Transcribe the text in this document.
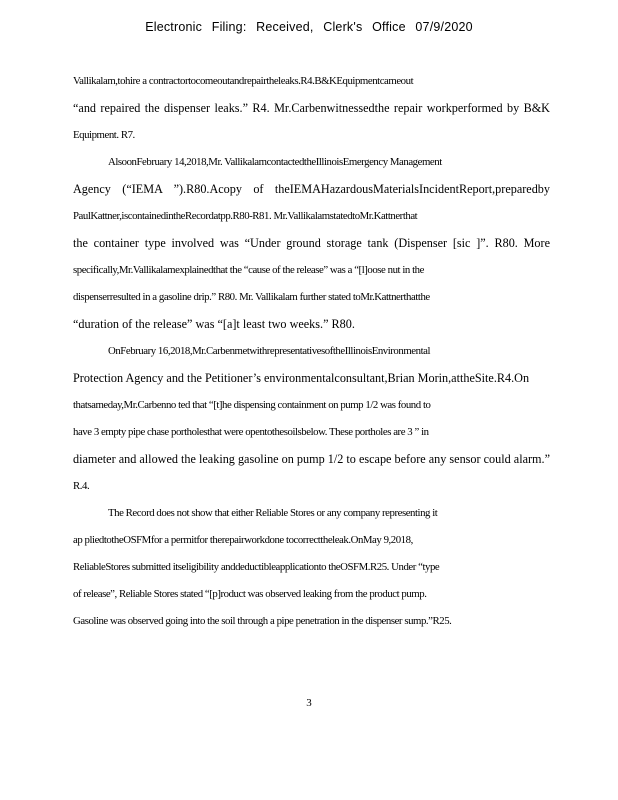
Electronic Filing: Received, Clerk's Office 07/9/2020
Vallikalam,tohire a contractortocomeoutandrepairtheleaks.R4.B&KEquipmentcameout
“and repaired the dispenser leaks.” R4. Mr.Carbenwitnessedthe repair workperformed by B&K
Equipment. R7.
AlsoonFebruary 14,2018,Mr. VallikalamcontactedtheIllinoisEmergency Management
Agency (“IEMA ”).R80.Acopy of theIEMAHazardousMaterialsIncidentReport,preparedby
PaulKattner,iscontainedintheRecordatpp.R80-R81. Mr.VallikalamstatedtoMr.Kattnerthat
the container type involved was “Under ground storage tank (Dispenser [sic ]”. R80. More
specifically,Mr.Vallikalamexplainedthat the “cause of the release” was a “[l]oose nut in the
dispenserresulted in a gasoline drip.” R80. Mr. Vallikalam further stated toMr.Kattnerthatthe
“duration of the release” was “[a]t least two weeks.” R80.
OnFebruary 16,2018,Mr.CarbenmetwithrepresentativesoftheIllinoisEnvironmental
Protection Agency and the Petitioner’s environmentalconsultant,Brian Morin,attheSite.R4.On
thatsameday,Mr.Carbenno ted that “[t]he dispensing containment on pump 1/2 was found to
have 3 empty pipe chase portholesthat were opentothesoilsbelow. These portholes are 3 ” in
diameter and allowed the leaking gasoline on pump 1/2 to escape before any sensor could alarm.”
R.4.
The Record does not show that either Reliable Stores or any company representing it
ap pliedtotheOSFMfor a permitfor therepairworkdone tocorrecttheleak.OnMay 9,2018,
ReliableStores submitted itseligibility anddeductibleapplicationto theOSFM.R25. Under “type
of release”, Reliable Stores stated “[p]roduct was observed leaking from the product pump.
Gasoline was observed going into the soil through a pipe penetration in the dispenser sump.”R25.
3
